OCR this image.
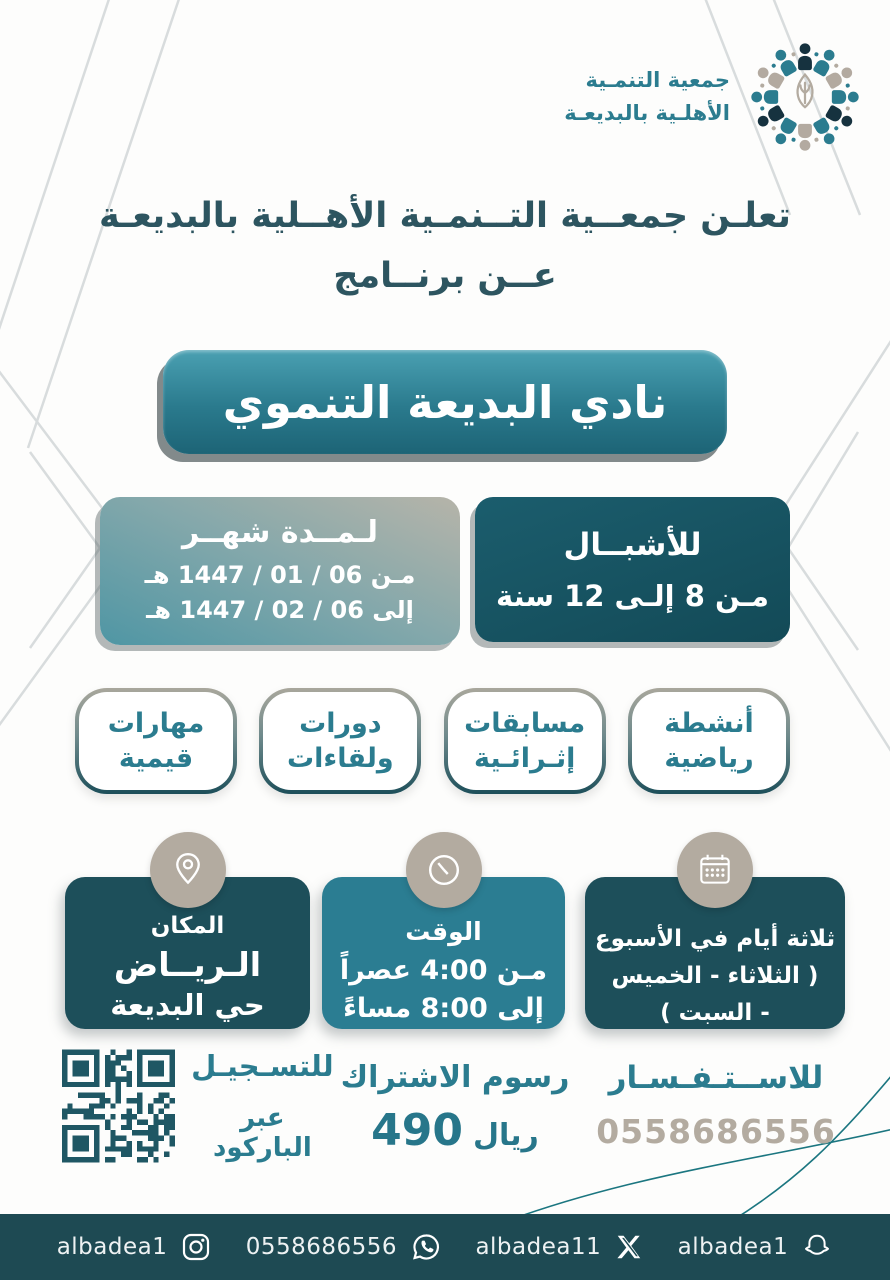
جمعية التنمـية
الأهلـية بالبديعـة
تعلـن جمعــية التــنمـية الأهــلية بالبديعـة
عــن برنــامج
نادي البديعة التنموي
لـمــدة شهــر
مـن 06 / 01 / 1447 هـ
إلى 06 / 02 / 1447 هـ
للأشبــال
مـن 8 إلـى 12 سنة
أنشطة
رياضية
مسابقات
إثـرائـية
دورات
ولقاءات
مهارات
قيمية
ثلاثة أيام في الأسبوع
( الثلاثاء - الخميس
- السبت )
الوقت
مـن 4:00 عصراً
إلى 8:00 مساءً
المكان
الـريــاض
حي البديعة
للاســتـفـسـار
0558686556
رسوم الاشتراك
490 ريال
للتسـجيـل
عبر الباركود
albadea1	0558686556	albadea11	albadea1
